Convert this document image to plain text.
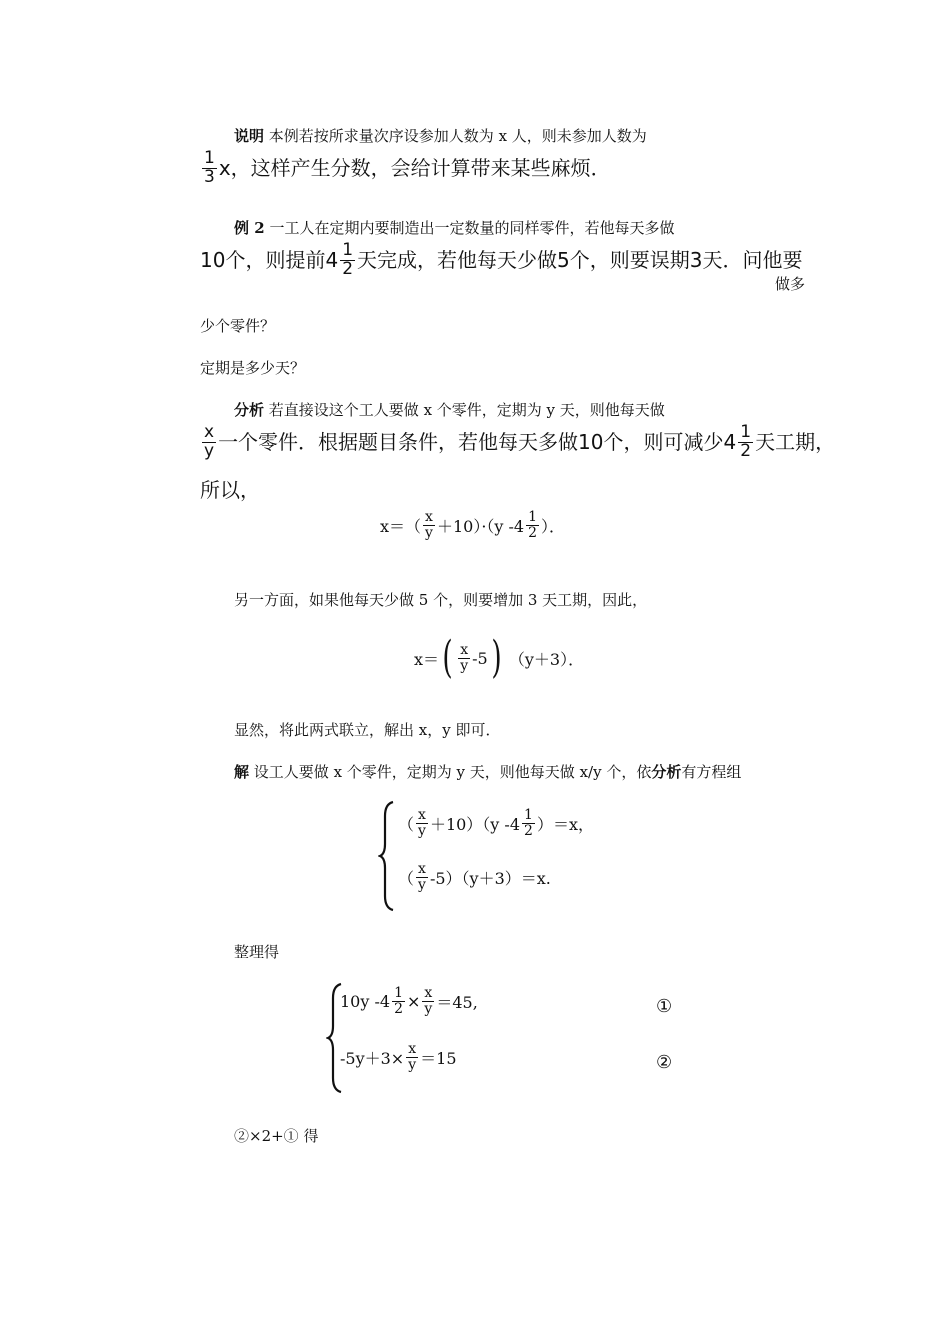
说明 本例若按所求量次序设参加人数为 x 人，则未参加人数为
$\frac{1}{3}$ x，这样产生分数，会给计算带来某些麻烦．
例 2 一工人在定期内要制造出一定数量的同样零件，若他每天多做
10个，则提前$4 \frac{1}{2}$ 天完成，若他每天少做5个，则要误期3天．问他要
做多
少个零件？
定期是多少天？
分析 若直接设这个工人要做 x 个零件，定期为 y 天，则他每天做
$\frac{x}{y}$ 一个零件．根据题目条件，若他每天多做10个，则可减少$4 \frac{1}{2}$ 天工期，
所以，
$x=( \frac{x}{y} +10)\cdot(y$ $-4 \frac{1}{2}$ ）．
另一方面，如果他每天少做 5 个，则要增加 3 天工期，因此，
x＝ ( $\frac{x}{y} -5$ ) （y＋3）．
显然，将此两式联立，解出 x，y 即可．
解 设工人要做 x 个零件，定期为 y 天，则他每天做 x/y 个，依分析有方程组
（ $\frac{x}{y} +10)(y$ $-4 \frac{1}{2} )=x$，
（ $\frac{x}{y} -5)(y+3)=x$.
整理得
10y $-4 \frac{1}{2} \times \frac{x}{y} =45$,	①
$-5y+3\times \frac{x}{y} =15$	②
②×2+① 得
